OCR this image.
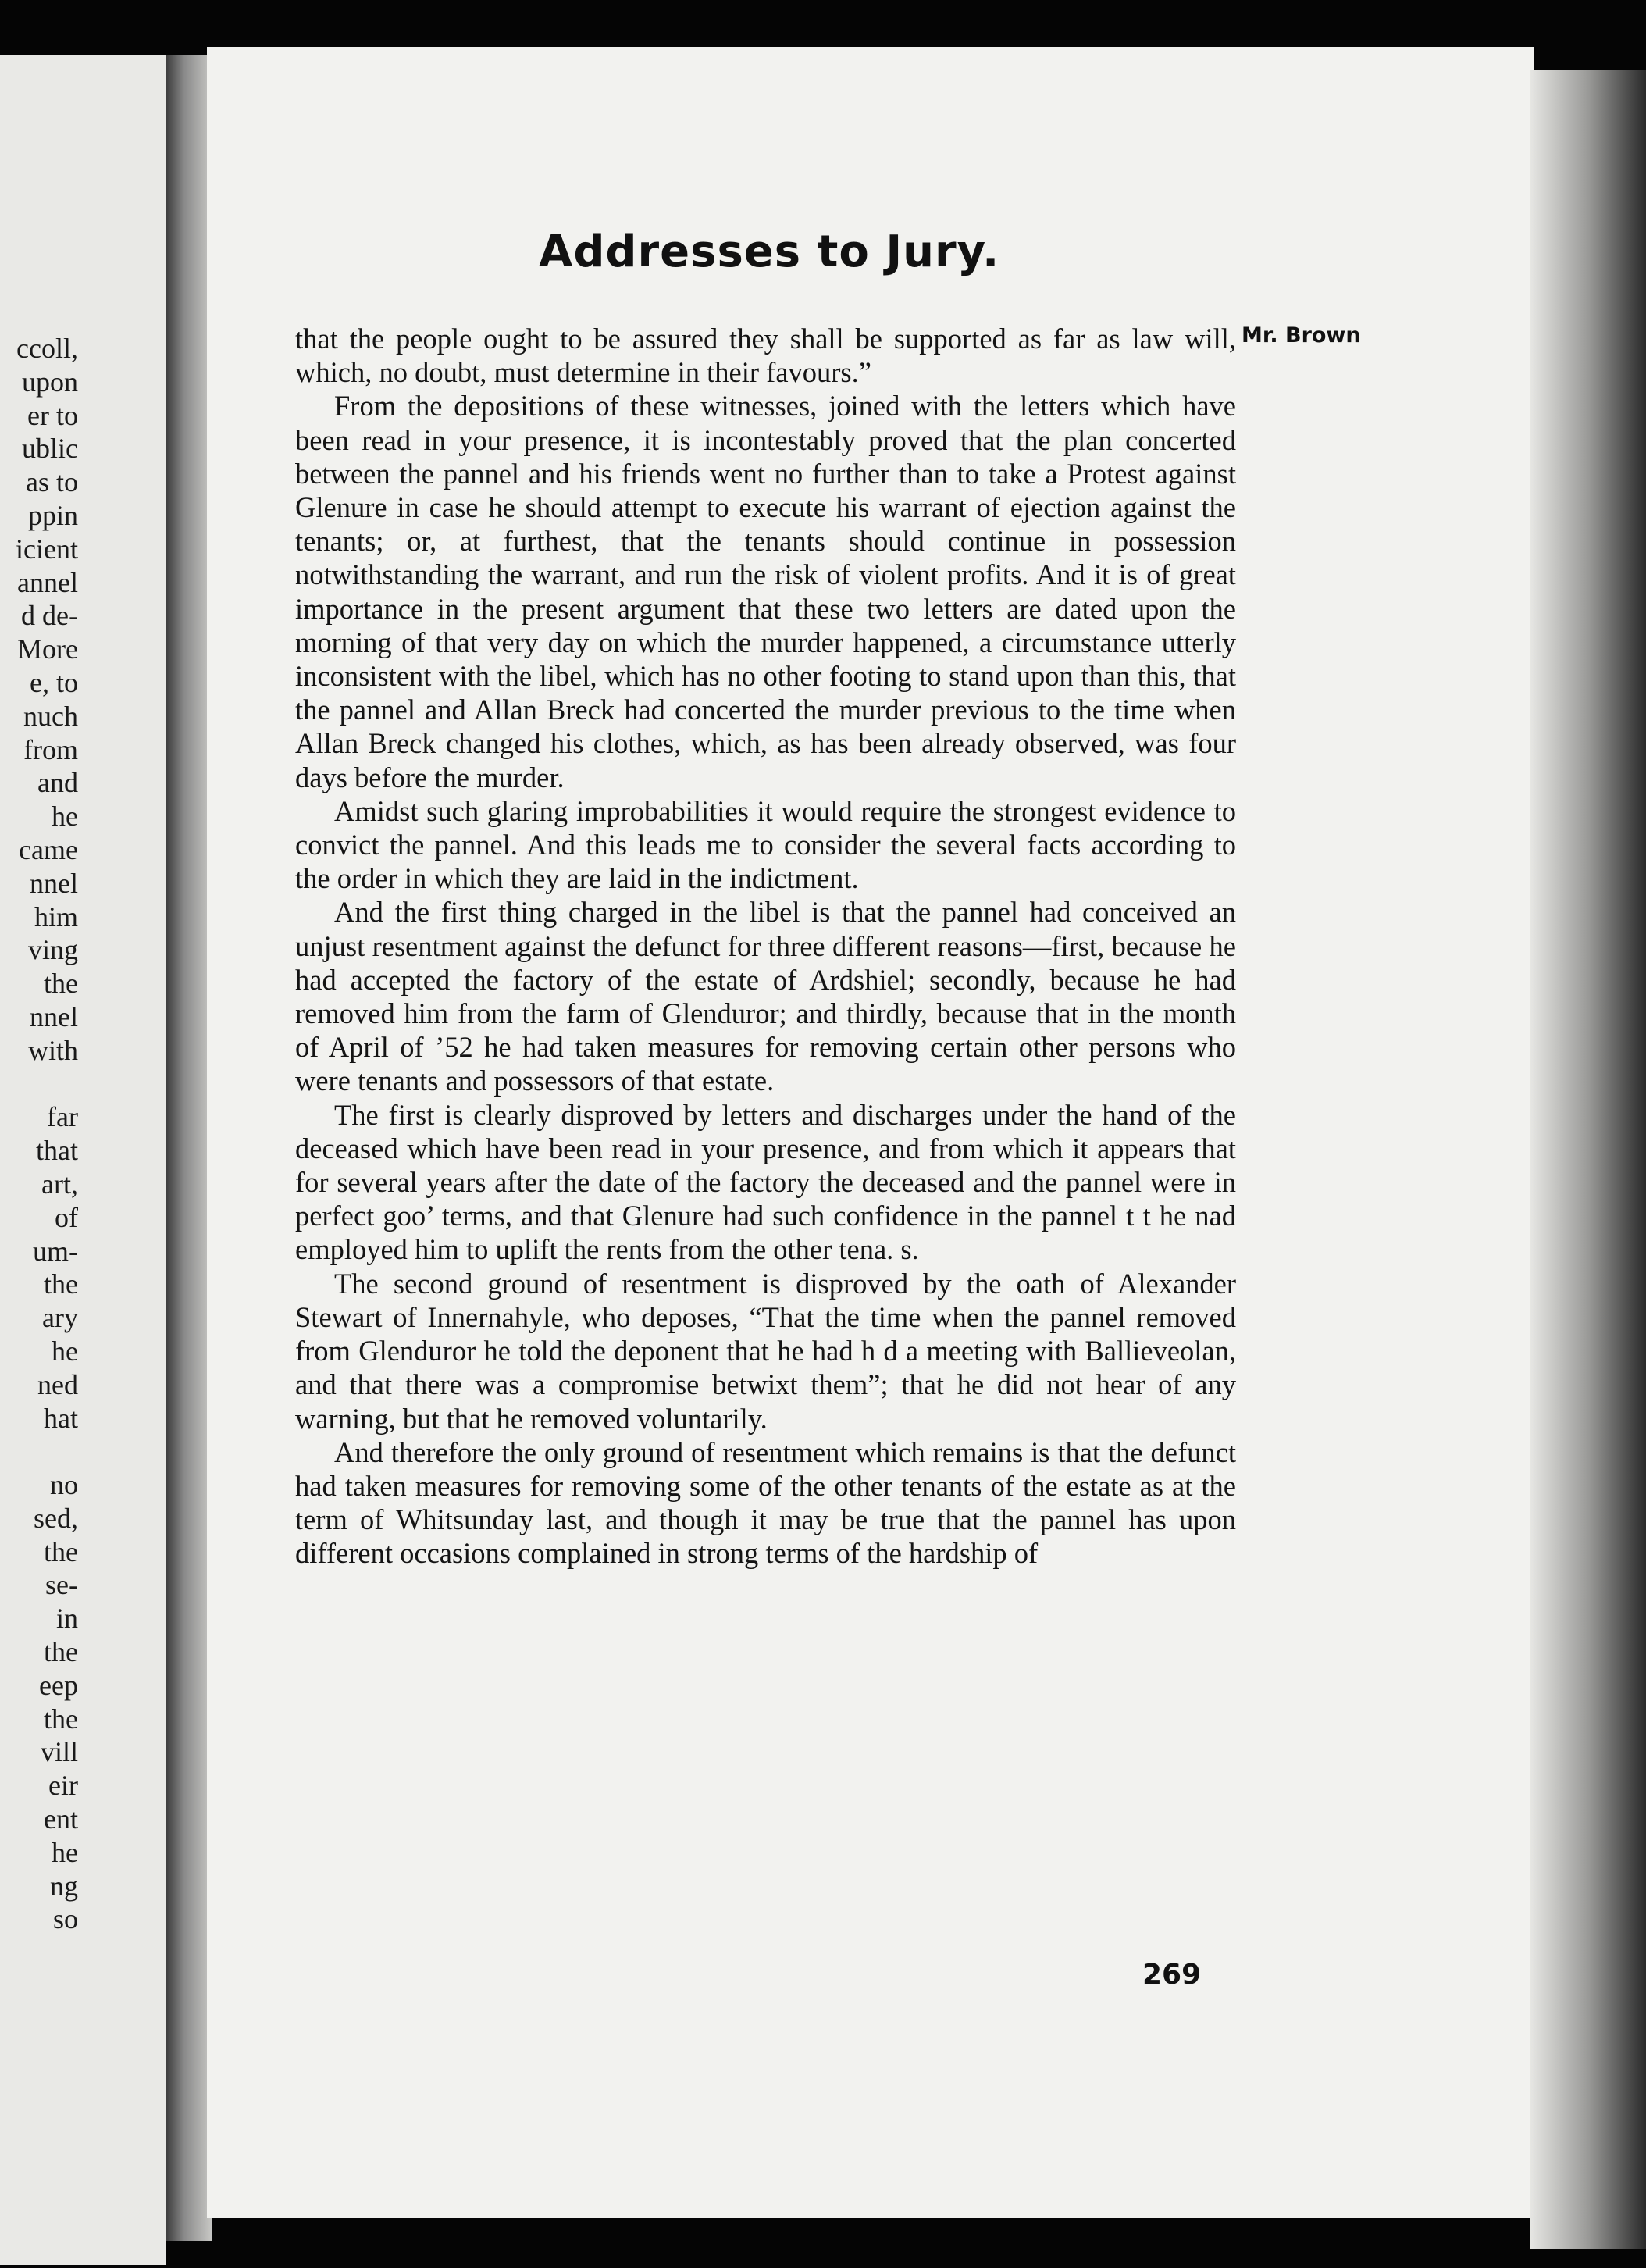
ccoll,
upon
er to
ublic
as to
ppin
icient
annel
d de-
More
e, to
nuch
from
and
he
came
nnel
him
ving
the
nnel
with

far
that
art,
of
um-
the
ary
he
ned
hat

no
sed,
the
se-
in
the
eep
the
vill
eir
ent
he
ng
so
Addresses to Jury.
Mr. Brown

that the people ought to be assured they shall be supported as far as law will, which, no doubt, must determine in their favours.”

From the depositions of these witnesses, joined with the letters which have been read in your presence, it is incontestably proved that the plan concerted between the pannel and his friends went no further than to take a Protest against Glenure in case he should attempt to execute his warrant of ejection against the tenants; or, at furthest, that the tenants should continue in possession notwithstanding the warrant, and run the risk of violent profits. And it is of great importance in the present argument that these two letters are dated upon the morning of that very day on which the murder happened, a circumstance utterly inconsistent with the libel, which has no other footing to stand upon than this, that the pannel and Allan Breck had concerted the murder previous to the time when Allan Breck changed his clothes, which, as has been already observed, was four days before the murder.

Amidst such glaring improbabilities it would require the strongest evidence to convict the pannel. And this leads me to consider the several facts according to the order in which they are laid in the indictment.

And the first thing charged in the libel is that the pannel had conceived an unjust resentment against the defunct for three different reasons—first, because he had accepted the factory of the estate of Ardshiel; secondly, because he had removed him from the farm of Glenduror; and thirdly, because that in the month of April of ’52 he had taken measures for removing certain other persons who were tenants and possessors of that estate.

The first is clearly disproved by letters and discharges under the hand of the deceased which have been read in your presence, and from which it appears that for several years after the date of the factory the deceased and the pannel were in perfect goo’ terms, and that Glenure had such confidence in the pannel t t he nad employed him to uplift the rents from the other tena. s.

The second ground of resentment is disproved by the oath of Alexander Stewart of Innernahyle, who deposes, “That the time when the pannel removed from Glenduror he told the deponent that he had h d a meeting with Ballieveolan, and that there was a compromise betwixt them”; that he did not hear of any warning, but that he removed voluntarily.

And therefore the only ground of resentment which remains is that the defunct had taken measures for removing some of the other tenants of the estate as at the term of Whitsunday last, and though it may be true that the pannel has upon different occasions complained in strong terms of the hardship of

269
